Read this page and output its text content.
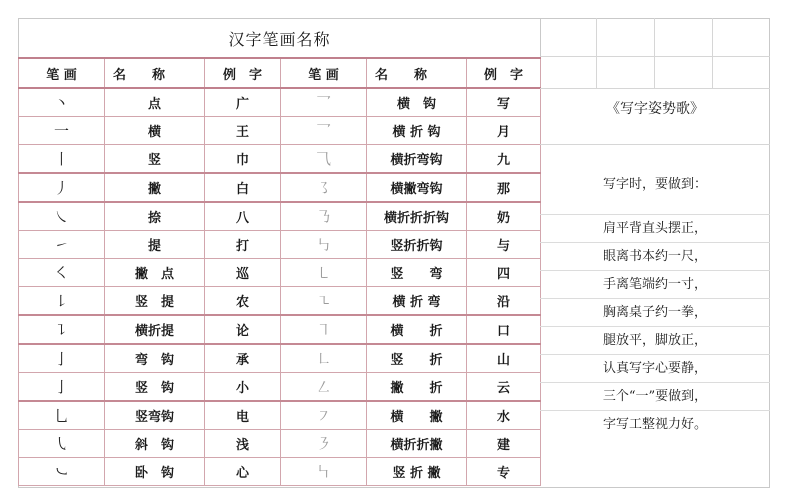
汉字笔画名称					
笔 画	名　　称	例　字	笔 画	名　　称	例　字
丶	点	广	乛	横　钩	写
一	横	王	乛	横 折 钩	月
丨	竖	巾	⺄	横折弯钩	九
丿	撇	白	㇌	横撇弯钩	那
㇏	捺	八	㇡	横折折折钩	奶
㇀	提	打	㇉	竖折折钩	与
㇛	撇　点	巡	㇄	竖　　弯	四
㇙	竖　提	农	㇍	横 折 弯	沿
㇊	横折提	论	㇕	横　　折	口
亅	弯　钩	承	㇗	竖　　折	山
亅	竖　钩	小	㇜	撇　　折	云
乚	竖弯钩	电	㇇	横　　撇	水
㇂	斜　钩	浅	㇋	横折折撇	建
㇃	卧　钩	心	㇞	竖 折 撇	专
《写字姿势歌》
写字时，要做到：
肩平背直头摆正，
眼离书本约一尺，
手离笔端约一寸，
胸离桌子约一拳，
腿放平，脚放正，
认真写字心要静，
三个“一”要做到，
字写工整视力好。
